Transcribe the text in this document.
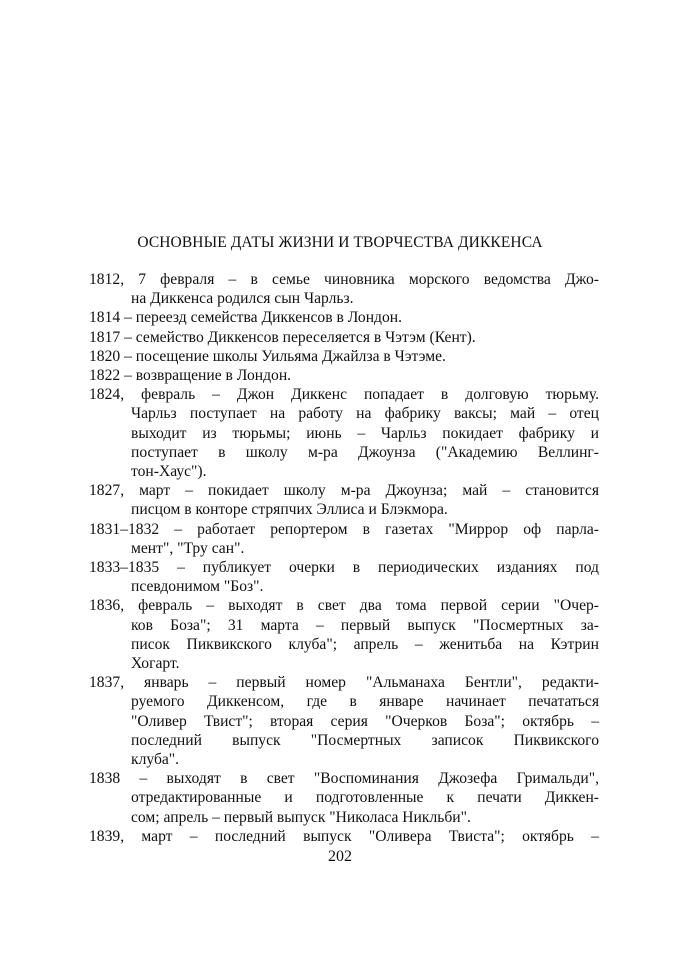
ОСНОВНЫЕ ДАТЫ ЖИЗНИ И ТВОРЧЕСТВА ДИККЕНСА
1812, 7 февраля – в семье чиновника морского ведомства Джо-
на Диккенса родился сын Чарльз.
1814 – переезд семейства Диккенсов в Лондон.
1817 – семейство Диккенсов переселяется в Чэтэм (Кент).
1820 – посещение школы Уильяма Джайлза в Чэтэме.
1822 – возвращение в Лондон.
1824, февраль – Джон Диккенс попадает в долговую тюрьму.
Чарльз поступает на работу на фабрику ваксы; май – отец
выходит из тюрьмы; июнь – Чарльз покидает фабрику и
поступает в школу м-ра Джоунза ("Академию Веллинг-
тон-Хаус").
1827, март – покидает школу м-ра Джоунза; май – становится
писцом в конторе стряпчих Эллиса и Блэкмора.
1831–1832 – работает репортером в газетах "Миррор оф парла-
мент", "Тру сан".
1833–1835 – публикует очерки в периодических изданиях под
псевдонимом "Боз".
1836, февраль – выходят в свет два тома первой серии "Очер-
ков Боза"; 31 марта – первый выпуск "Посмертных за-
писок Пиквикского клуба"; апрель – женитьба на Кэтрин
Хогарт.
1837, январь – первый номер "Альманаха Бентли", редакти-
руемого Диккенсом, где в январе начинает печататься
"Оливер Твист"; вторая серия "Очерков Боза"; октябрь –
последний выпуск "Посмертных записок Пиквикского
клуба".
1838 – выходят в свет "Воспоминания Джозефа Гримальди",
отредактированные и подготовленные к печати Диккен-
сом; апрель – первый выпуск "Николаса Никльби".
1839, март – последний выпуск "Оливера Твиста"; октябрь –
202
